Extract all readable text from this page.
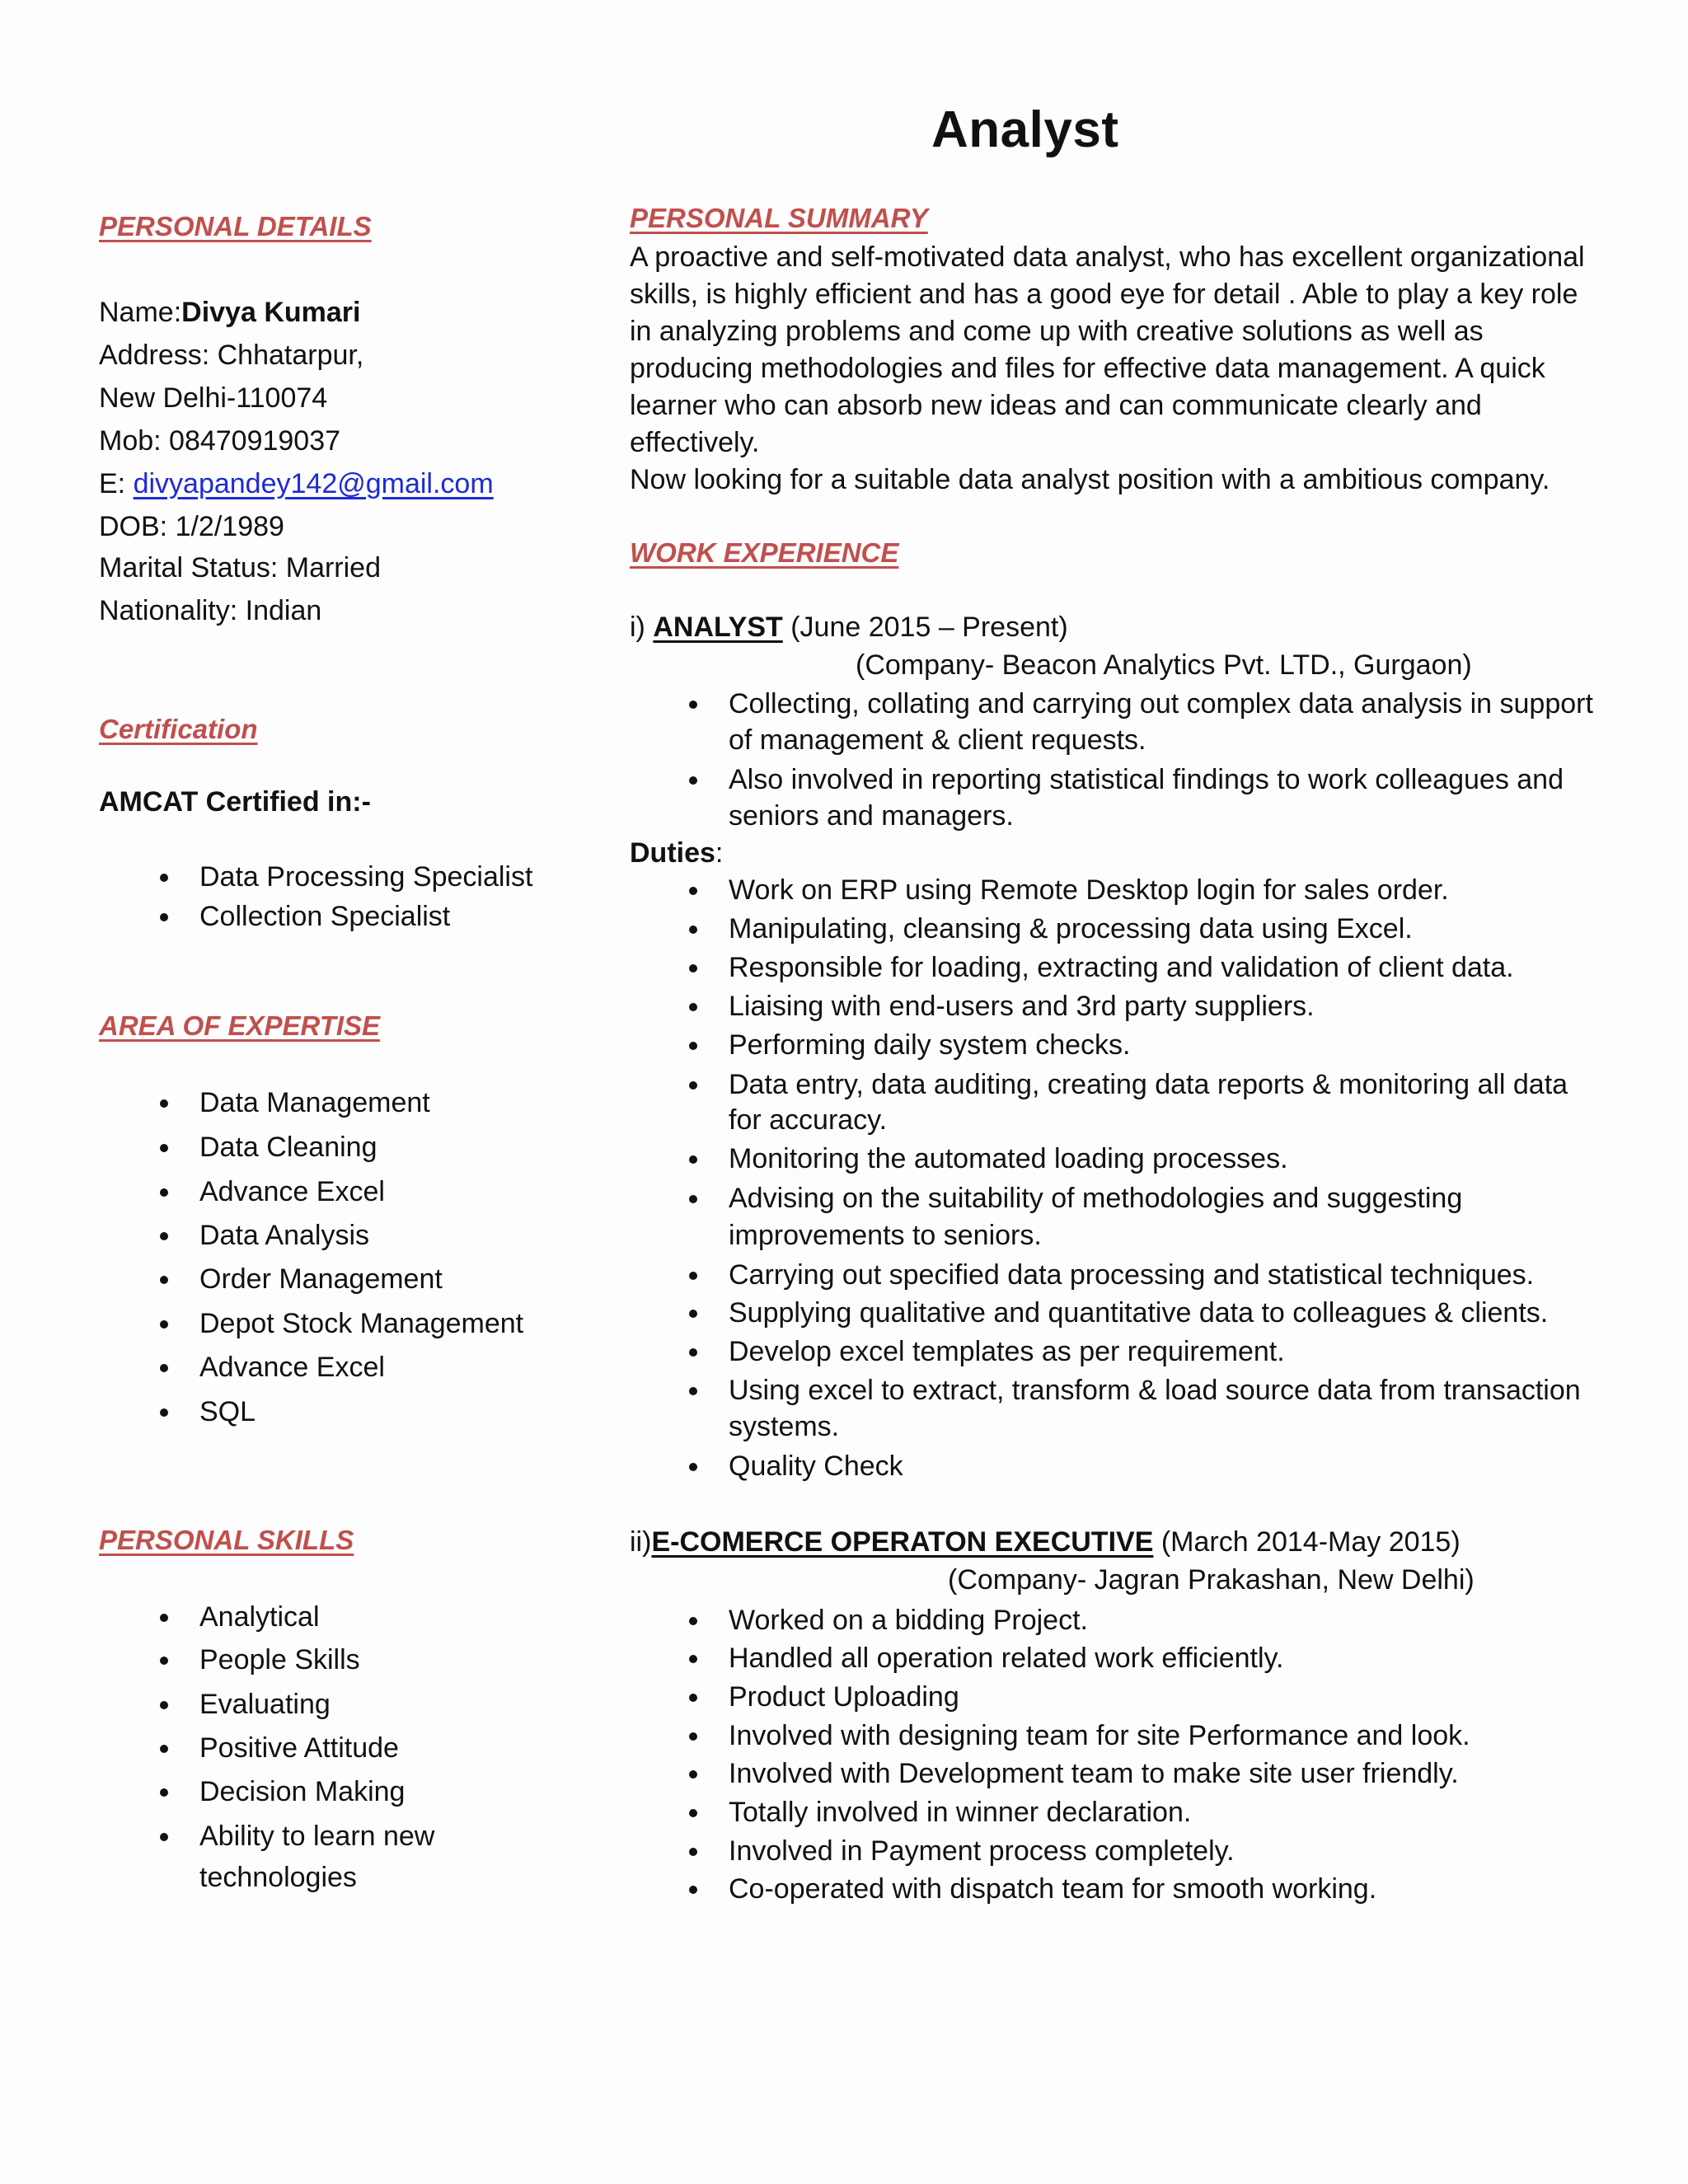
Analyst
PERSONAL DETAILS
Name:Divya Kumari
Address: Chhatarpur,
New Delhi-110074
Mob: 08470919037
E: divyapandey142@gmail.com
DOB: 1/2/1989
Marital Status: Married
Nationality: Indian
Certification
AMCAT Certified in:-
Data Processing Specialist
Collection Specialist
AREA OF EXPERTISE
Data Management
Data Cleaning
Advance Excel
Data Analysis
Order Management
Depot Stock Management
Advance Excel
SQL
PERSONAL SKILLS
Analytical
People Skills
Evaluating
Positive Attitude
Decision Making
Ability to learn new
technologies
PERSONAL SUMMARY
A proactive and self-motivated data analyst, who has excellent organizational
skills, is highly efficient and has a good eye for detail . Able to play a key role
in analyzing problems and come up with creative solutions as well as
producing methodologies and files for effective data management. A quick
learner who can absorb new ideas and can communicate clearly and
effectively.
Now looking for a suitable data analyst position with a ambitious company.
WORK EXPERIENCE
i) ANALYST (June 2015 – Present)
(Company- Beacon Analytics Pvt. LTD., Gurgaon)
Collecting, collating and carrying out complex data analysis in support
of management & client requests.
Also involved in reporting statistical findings to work colleagues and
seniors and managers.
Duties:
Work on ERP using Remote Desktop login for sales order.
Manipulating, cleansing & processing data using Excel.
Responsible for loading, extracting and validation of client data.
Liaising with end-users and 3rd party suppliers.
Performing daily system checks.
Data entry, data auditing, creating data reports & monitoring all data
for accuracy.
Monitoring the automated loading processes.
Advising on the suitability of methodologies and suggesting
improvements to seniors.
Carrying out specified data processing and statistical techniques.
Supplying qualitative and quantitative data to colleagues & clients.
Develop excel templates as per requirement.
Using excel to extract, transform & load source data from transaction
systems.
Quality Check
ii)E-COMERCE OPERATON EXECUTIVE (March 2014-May 2015)
(Company- Jagran Prakashan, New Delhi)
Worked on a bidding Project.
Handled all operation related work efficiently.
Product Uploading
Involved with designing team for site Performance and look.
Involved with Development team to make site user friendly.
Totally involved in winner declaration.
Involved in Payment process completely.
Co-operated with dispatch team for smooth working.
